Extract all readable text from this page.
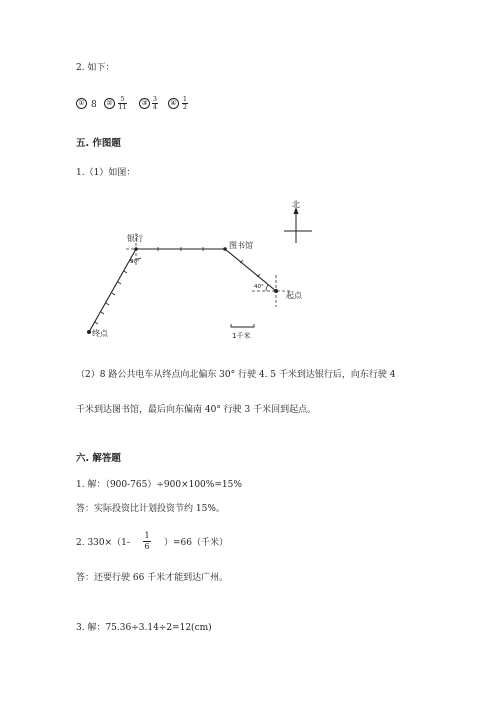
2. 如下：
① 8	②	5
11	③ 3
4	④ 1
2
五. 作图题
1.（1）如图：
北
银行
图书馆
起点
终点
30°
40°
1千米
（2）8 路公共电车从终点向北偏东 30° 行驶 4. 5 千米到达银行后，向东行驶 4
千米到达图书馆，最后向东偏南 40° 行驶 3 千米回到起点。
六. 解答题
1. 解：（900-765）÷900×100%=15%
答：实际投资比计划投资节约 15%。
2. 330×（1-
1
6 ）=66（千米）
答：还要行驶 66 千米才能到达广州。
3. 解：75.36÷3.14÷2=12(cm)
